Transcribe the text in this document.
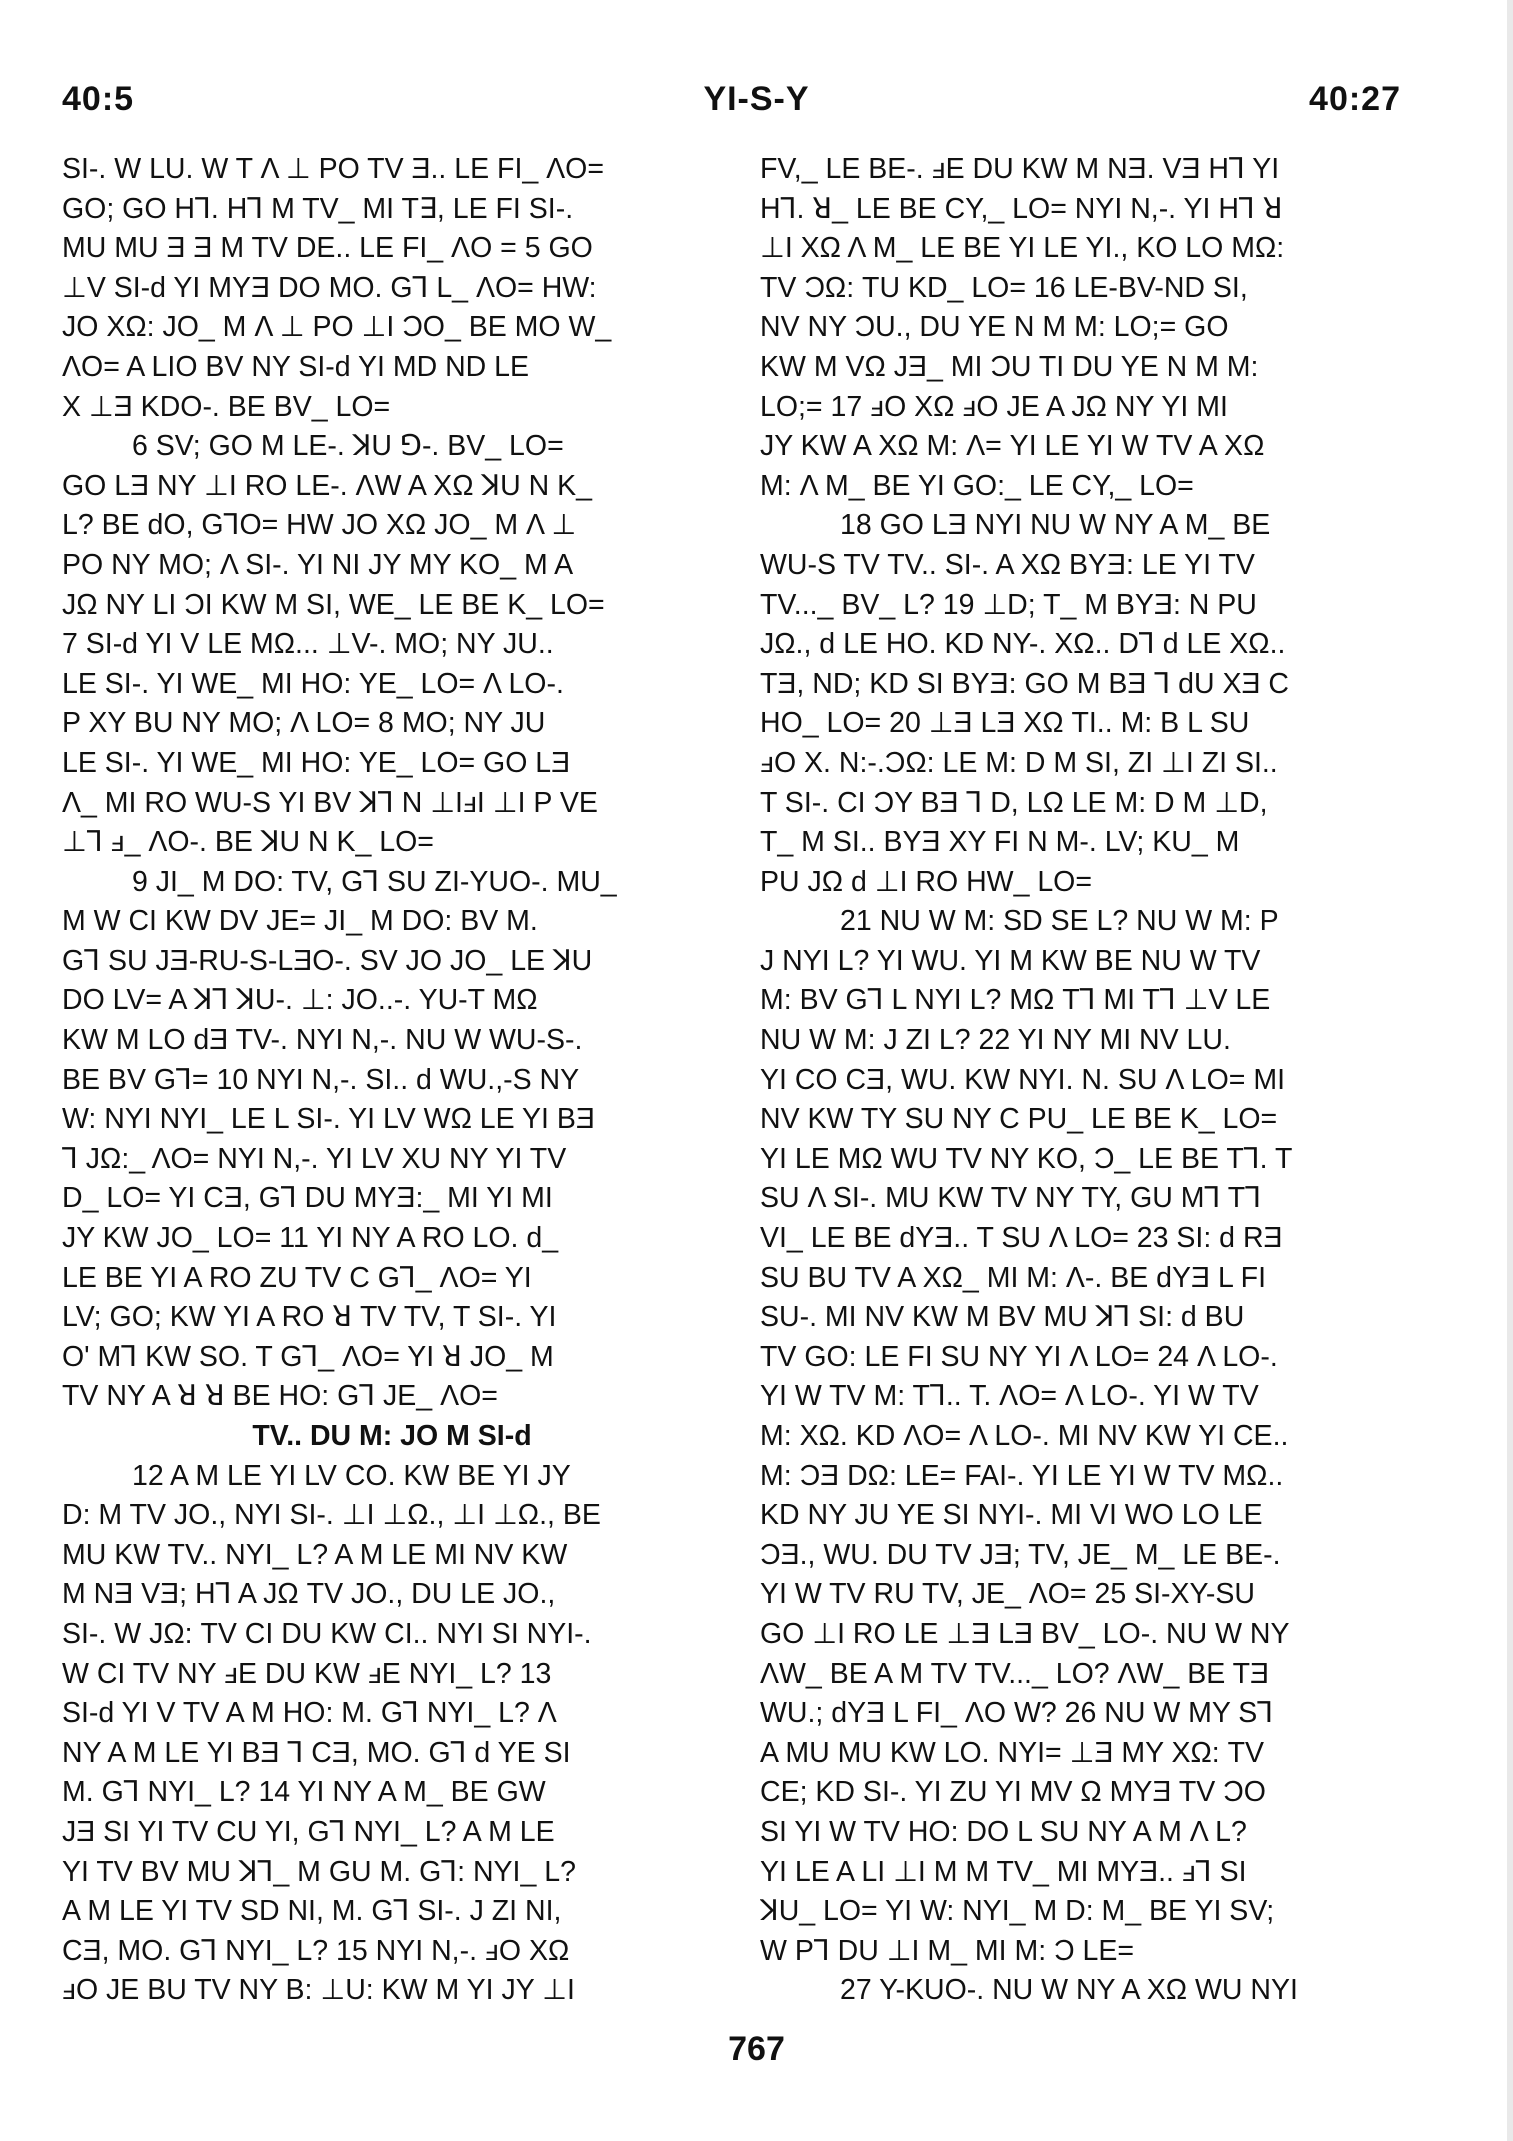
40:5	YI-S-Y	40:27
SI-. W LU. W T Λ ⊥ PO TV Ǝ.. LE FI_ ΛO=
GO; GO H⅂. H⅂ M TV_ MI T∃, LE FI SI-.
MU MU Ǝ Ǝ M TV DE.. LE FI_ ΛO = 5 GO
⊥V SI-d YI MYƎ DO MO. G⅂ L_ ΛO= HW:
JO XΩ: JO_ M Λ ⊥ PO ⊥I ƆO_ BE MO W_
ΛO= A LIO BV NY SI-d YI MD ND LE
X ⊥Ǝ KDO-. BE BV_ LO=
6 SV; GO M LE-. ꓘU ⅁-. BV_ LO=
GO LƎ NY ⊥I RO LE-. ΛW A XΩ ꓘU N K_
L? BE dO, G⅂O= HW JO XΩ JO_ M Λ ⊥
PO NY MO; Λ SI-. YI NI JY MY KO_ M A
JΩ NY LI ƆI KW M SI, WE_ LE BE K_ LO=
7 SI-d YI V LE MΩ... ⊥V-. MO; NY JU..
LE SI-. YI WE_ MI HO: YE_ LO= Λ LO-.
P XY BU NY MO; Λ LO= 8 MO; NY JU
LE SI-. YI WE_ MI HO: YE_ LO= GO LƎ
Λ_ MI RO WU-S YI BV ꓘ⅂ N ⊥IⅎI ⊥I P VE
⊥⅂ ⅎ_ ΛO-. BE ꓘU N K_ LO=
9 JI_ M DO: TV, G⅂ SU ZI-YUO-. MU_
M W CI KW DV JE= JI_ M DO: BV M.
G⅂ SU JƎ-RU-S-LƎO-. SV JO JO_ LE ꓘU
DO LV= A ꓘ⅂ ꓘU-. ⊥: JO..-. YU-T MΩ
KW M LO dƎ TV-. NYI N,-. NU W WU-S-.
BE BV G⅂= 10 NYI N,-. SI.. d WU.,-S NY
W: NYI NYI_ LE L SI-. YI LV WΩ LE YI BƎ
⅂ JΩ:_ ΛO= NYI N,-. YI LV XU NY YI TV
D_ LO= YI CƎ, G⅂ DU MYƎ:_ MI YI MI
JY KW JO_ LO= 11 YI NY A RO LO. d_
LE BE YI A RO ZU TV C G⅂_ ΛO= YI
LV; GO; KW YI A RO ꓤ TV TV, T SI-. YI
O' M⅂ KW SO. T G⅂_ ΛO= YI ꓤ JO_ M
TV NY A ꓤ ꓤ BE HO: G⅂ JE_ ΛO=
TV.. DU M: JO M SI-d
12 A M LE YI LV CO. KW BE YI JY
D: M TV JO., NYI SI-. ⊥I ⊥Ω., ⊥I ⊥Ω., BE
MU KW TV.. NYI_ L? A M LE MI NV KW
M NƎ VƎ; H⅂ A JΩ TV JO., DU LE JO.,
SI-. W JΩ: TV CI DU KW CI.. NYI SI NYI-.
W CI TV NY ⅎE DU KW ⅎE NYI_ L? 13
SI-d YI V TV A M HO: M. G⅂ NYI_ L? Λ
NY A M LE YI BƎ ⅂ CƎ, MO. G⅂ d YE SI
M. G⅂ NYI_ L? 14 YI NY A M_ BE GW
JƎ SI YI TV CU YI, G⅂ NYI_ L? A M LE
YI TV BV MU ꓘ⅂_ M GU M. G⅂: NYI_ L?
A M LE YI TV SD NI, M. G⅂ SI-. J ZI NI,
CƎ, MO. G⅂ NYI_ L? 15 NYI N,-. ⅎO XΩ
ⅎO JE BU TV NY B: ⊥U: KW M YI JY ⊥I
FV,_ LE BE-. ⅎE DU KW M NƎ. VƎ H⅂ YI
H⅂. ꓤ_ LE BE CY,_ LO= NYI N,-. YI H⅂ ꓤ
⊥I XΩ Λ M_ LE BE YI LE YI., KO LO MΩ:
TV ƆΩ: TU KD_ LO= 16 LE-BV-ND SI,
NV NY ƆU., DU YE N M M: LO;= GO
KW M VΩ JƎ_ MI ƆU TI DU YE N M M:
LO;= 17 ⅎO XΩ ⅎO JE A JΩ NY YI MI
JY KW A XΩ M: Λ= YI LE YI W TV A XΩ
M: Λ M_ BE YI GO:_ LE CY,_ LO=
18 GO LƎ NYI NU W NY A M_ BE
WU-S TV TV.. SI-. A XΩ BYƎ: LE YI TV
TV..._ BV_ L? 19 ⊥D; T_ M BYƎ: N PU
JΩ., d LE HO. KD NY-. XΩ.. D⅂ d LE XΩ..
TƎ, ND; KD SI BYƎ: GO M BƎ ⅂ dU XƎ C
HO_ LO= 20 ⊥Ǝ LƎ XΩ TI.. M: B L SU
ⅎO X. N:-.ƆΩ: LE M: D M SI, ZI ⊥I ZI SI..
T SI-. CI ƆY BƎ ⅂ D, LΩ LE M: D M ⊥D,
T_ M SI.. BYƎ XY FI N M-. LV; KU_ M
PU JΩ d ⊥I RO HW_ LO=
21 NU W M: SD SE L? NU W M: P
J NYI L? YI WU. YI M KW BE NU W TV
M: BV G⅂ L NYI L? MΩ T⅂ MI T⅂ ⊥V LE
NU W M: J ZI L? 22 YI NY MI NV LU.
YI CO CƎ, WU. KW NYI. N. SU Λ LO= MI
NV KW TY SU NY C PU_ LE BE K_ LO=
YI LE MΩ WU TV NY KO, Ɔ_ LE BE T⅂. T
SU Λ SI-. MU KW TV NY TY, GU M⅂ T⅂
VI_ LE BE dYƎ.. T SU Λ LO= 23 SI: d RƎ
SU BU TV A XΩ_ MI M: Λ-. BE dYƎ L FI
SU-. MI NV KW M BV MU ꓘ⅂ SI: d BU
TV GO: LE FI SU NY YI Λ LO= 24 Λ LO-.
YI W TV M: T⅂.. T. ΛO= Λ LO-. YI W TV
M: XΩ. KD ΛO= Λ LO-. MI NV KW YI CE..
M: ƆƎ DΩ: LE= FAI-. YI LE YI W TV MΩ..
KD NY JU YE SI NYI-. MI VI WO LO LE
ƆƎ., WU. DU TV JƎ; TV, JE_ M_ LE BE-.
YI W TV RU TV, JE_ ΛO= 25 SI-XY-SU
GO ⊥I RO LE ⊥Ǝ LƎ BV_ LO-. NU W NY
ΛW_ BE A M TV TV..._ LO? ΛW_ BE TƎ
WU.; dYƎ L FI_ ΛO W? 26 NU W MY S⅂
A MU MU KW LO. NYI= ⊥Ǝ MY XΩ: TV
CE; KD SI-. YI ZU YI MV Ω MYƎ TV ƆO
SI YI W TV HO: DO L SU NY A M Λ L?
YI LE A LI ⊥I M M TV_ MI MYƎ.. ⅎ⅂ SI
ꓘU_ LO= YI W: NYI_ M D: M_ BE YI SV;
W P⅂ DU ⊥I M_ MI M: Ɔ LE=
27 Y-KUO-. NU W NY A XΩ WU NYI
767
